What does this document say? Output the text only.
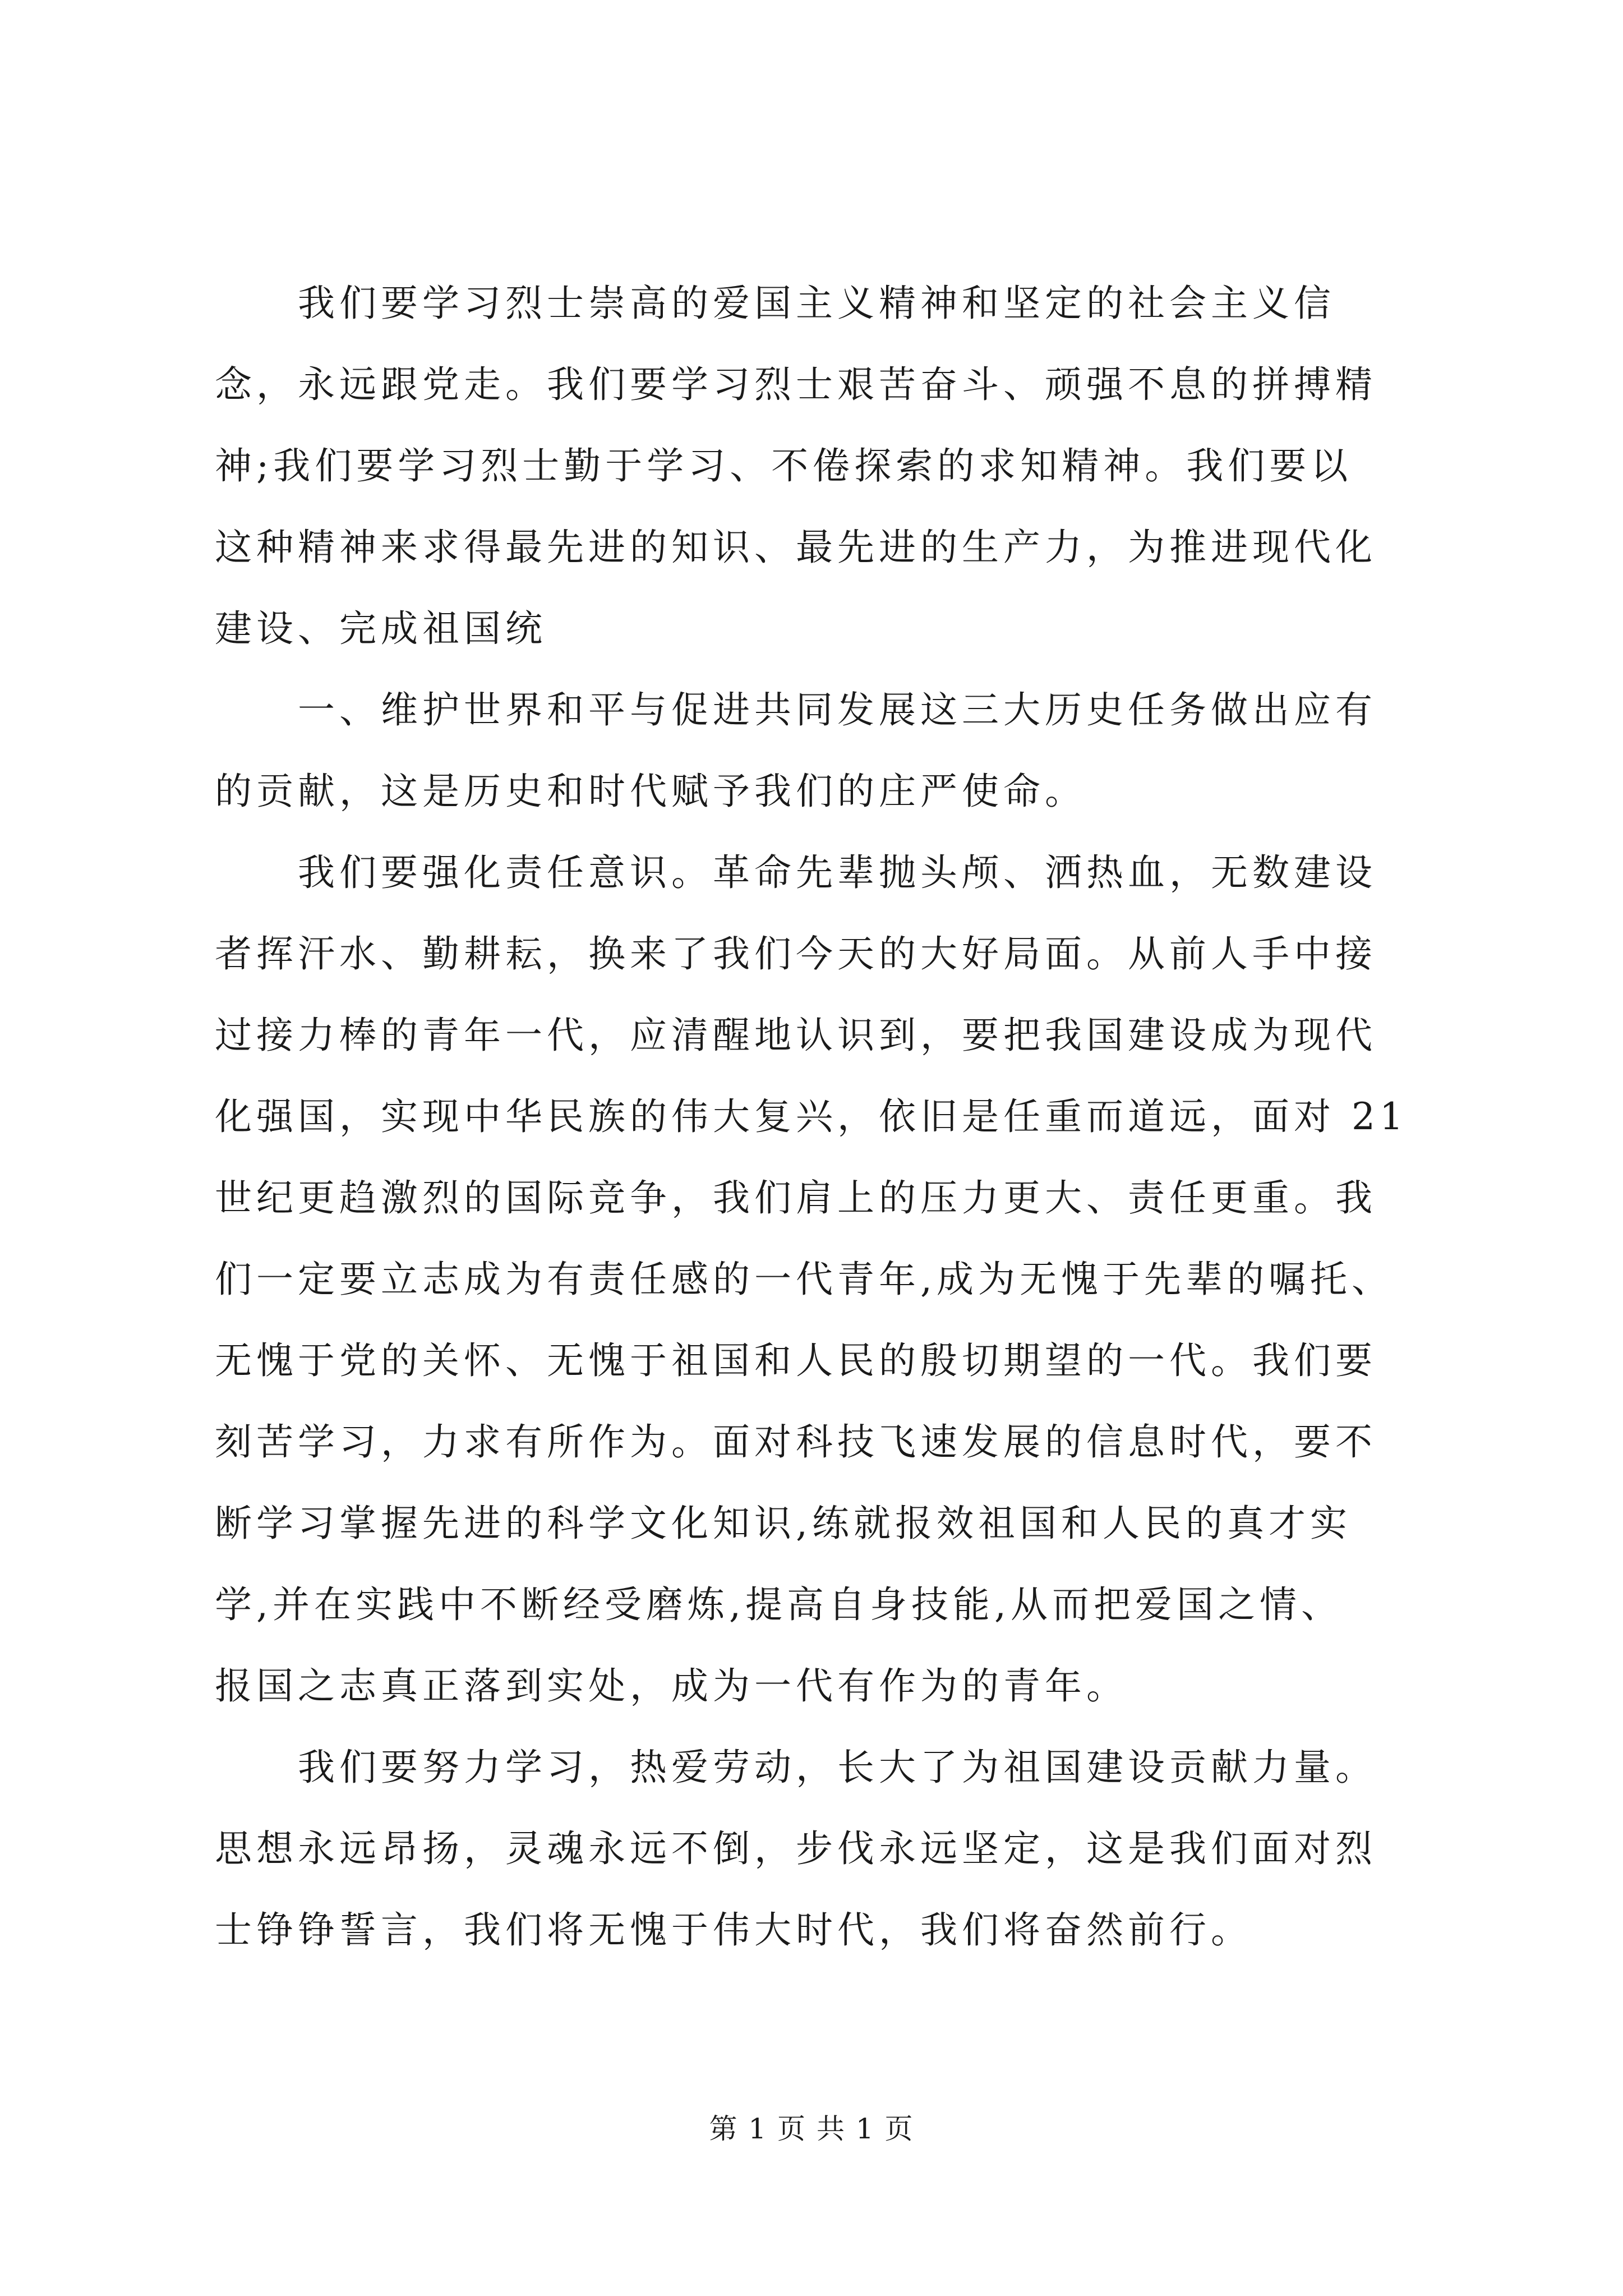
我们要学习烈士崇高的爱国主义精神和坚定的社会主义信
念，永远跟党走。我们要学习烈士艰苦奋斗、顽强不息的拼搏精
神;我们要学习烈士勤于学习、不倦探索的求知精神。我们要以
这种精神来求得最先进的知识、最先进的生产力，为推进现代化
建设、完成祖国统

一、维护世界和平与促进共同发展这三大历史任务做出应有
的贡献，这是历史和时代赋予我们的庄严使命。

我们要强化责任意识。革命先辈抛头颅、洒热血，无数建设
者挥汗水、勤耕耘，换来了我们今天的大好局面。从前人手中接
过接力棒的青年一代，应清醒地认识到，要把我国建设成为现代
化强国，实现中华民族的伟大复兴，依旧是任重而道远，面对 21
世纪更趋激烈的国际竞争，我们肩上的压力更大、责任更重。我
们一定要立志成为有责任感的一代青年,成为无愧于先辈的嘱托、
无愧于党的关怀、无愧于祖国和人民的殷切期望的一代。我们要
刻苦学习，力求有所作为。面对科技飞速发展的信息时代，要不
断学习掌握先进的科学文化知识,练就报效祖国和人民的真才实
学,并在实践中不断经受磨炼,提高自身技能,从而把爱国之情、
报国之志真正落到实处，成为一代有作为的青年。

我们要努力学习，热爱劳动，长大了为祖国建设贡献力量。
思想永远昂扬，灵魂永远不倒，步伐永远坚定，这是我们面对烈
士铮铮誓言，我们将无愧于伟大时代，我们将奋然前行。

第 1 页 共 1 页
